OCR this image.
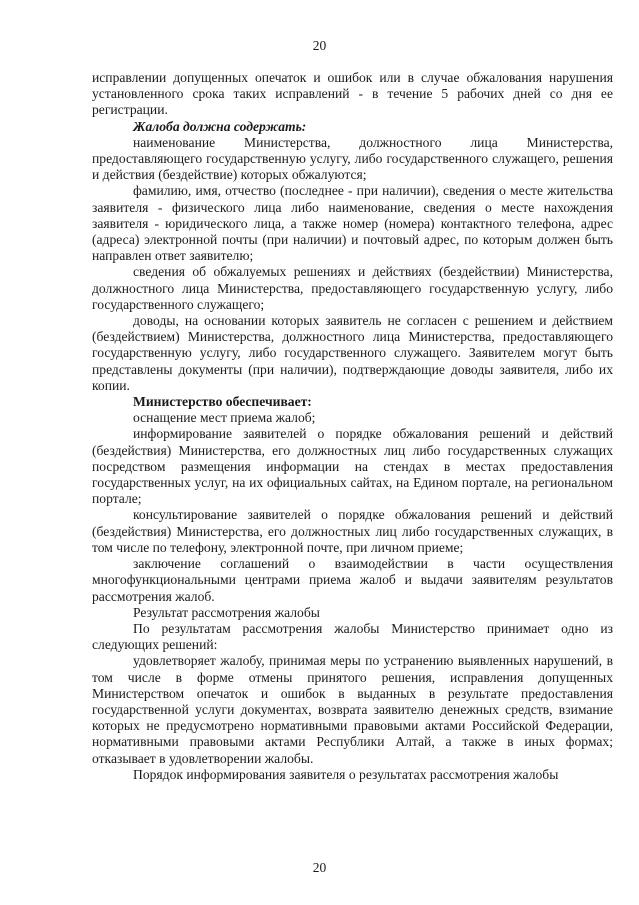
20

исправлении допущенных опечаток и ошибок или в случае обжалования нарушения установленного срока таких исправлений - в течение 5 рабочих дней со дня ее регистрации.

Жалоба должна содержать:

наименование Министерства, должностного лица Министерства, предоставляющего государственную услугу, либо государственного служащего, решения и действия (бездействие) которых обжалуются;

фамилию, имя, отчество (последнее - при наличии), сведения о месте жительства заявителя - физического лица либо наименование, сведения о месте нахождения заявителя - юридического лица, а также номер (номера) контактного телефона, адрес (адреса) электронной почты (при наличии) и почтовый адрес, по которым должен быть направлен ответ заявителю;

сведения об обжалуемых решениях и действиях (бездействии) Министерства, должностного лица Министерства, предоставляющего государственную услугу, либо государственного служащего;

доводы, на основании которых заявитель не согласен с решением и действием (бездействием) Министерства, должностного лица Министерства, предоставляющего государственную услугу, либо государственного служащего. Заявителем могут быть представлены документы (при наличии), подтверждающие доводы заявителя, либо их копии.

Министерство обеспечивает:

оснащение мест приема жалоб;

информирование заявителей о порядке обжалования решений и действий (бездействия) Министерства, его должностных лиц либо государственных служащих посредством размещения информации на стендах в местах предоставления государственных услуг, на их официальных сайтах, на Едином портале, на региональном портале;

консультирование заявителей о порядке обжалования решений и действий (бездействия) Министерства, его должностных лиц либо государственных служащих, в том числе по телефону, электронной почте, при личном приеме;

заключение соглашений о взаимодействии в части осуществления многофункциональными центрами приема жалоб и выдачи заявителям результатов рассмотрения жалоб.

Результат рассмотрения жалобы

По результатам рассмотрения жалобы Министерство принимает одно из следующих решений:

удовлетворяет жалобу, принимая меры по устранению выявленных нарушений, в том числе в форме отмены принятого решения, исправления допущенных Министерством опечаток и ошибок в выданных в результате предоставления государственной услуги документах, возврата заявителю денежных средств, взимание которых не предусмотрено нормативными правовыми актами Российской Федерации, нормативными правовыми актами Республики Алтай, а также в иных формах; отказывает в удовлетворении жалобы.

Порядок информирования заявителя о результатах рассмотрения жалобы

20
